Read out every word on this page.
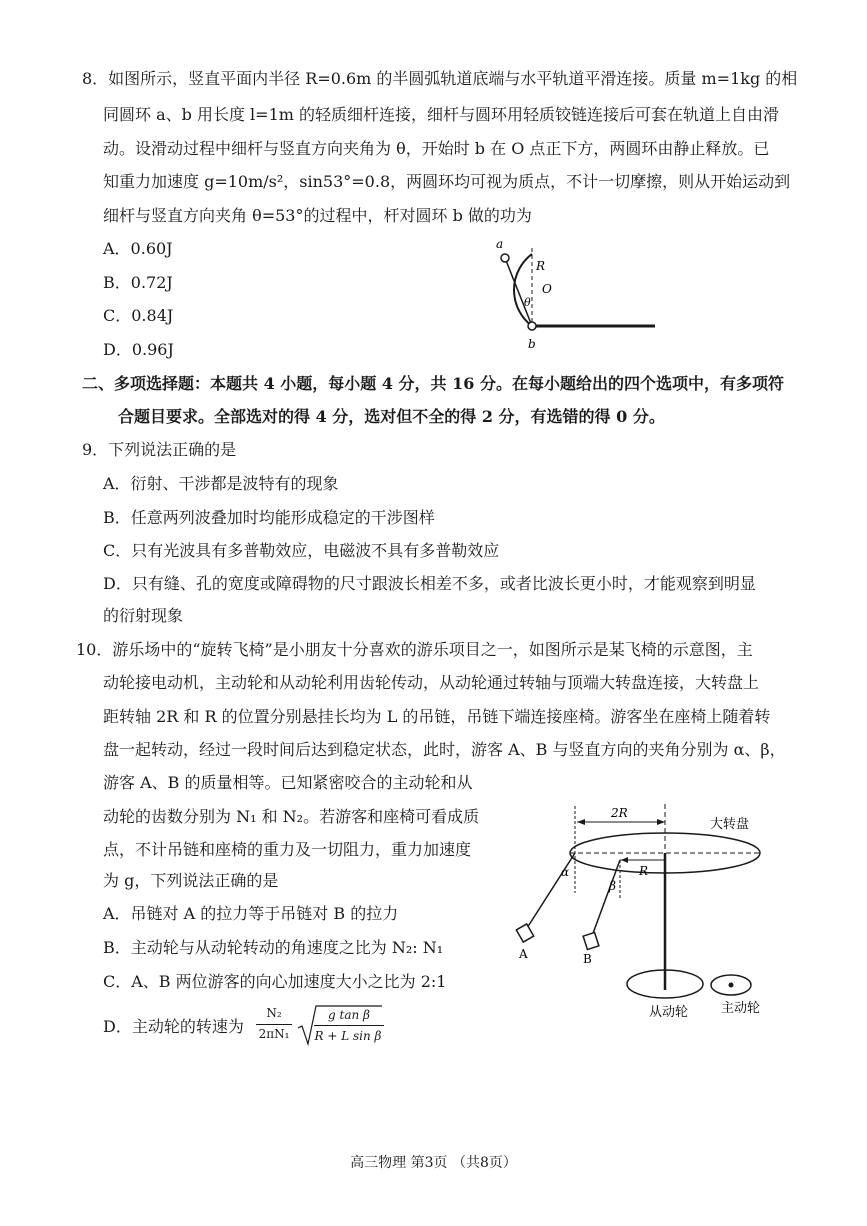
8．如图所示，竖直平面内半径 R=0.6m 的半圆弧轨道底端与水平轨道平滑连接。质量 m=1kg 的相
同圆环 a、b 用长度 l=1m 的轻质细杆连接，细杆与圆环用轻质铰链连接后可套在轨道上自由滑
动。设滑动过程中细杆与竖直方向夹角为 θ，开始时 b 在 O 点正下方，两圆环由静止释放。已
知重力加速度 g=10m/s²，sin53°=0.8，两圆环均可视为质点，不计一切摩擦，则从开始运动到
细杆与竖直方向夹角 θ=53°的过程中，杆对圆环 b 做的功为
A．0.60J
B．0.72J
C．0.84J
D．0.96J
a
b
R
O
θ
二、多项选择题：本题共 4 小题，每小题 4 分，共 16 分。在每小题给出的四个选项中，有多项符
合题目要求。全部选对的得 4 分，选对但不全的得 2 分，有选错的得 0 分。
9．下列说法正确的是
A．衍射、干涉都是波特有的现象
B．任意两列波叠加时均能形成稳定的干涉图样
C．只有光波具有多普勒效应，电磁波不具有多普勒效应
D．只有缝、孔的宽度或障碍物的尺寸跟波长相差不多，或者比波长更小时，才能观察到明显
的衍射现象
10．游乐场中的“旋转飞椅”是小朋友十分喜欢的游乐项目之一，如图所示是某飞椅的示意图，主
动轮接电动机，主动轮和从动轮利用齿轮传动，从动轮通过转轴与顶端大转盘连接，大转盘上
距转轴 2R 和 R 的位置分别悬挂长均为 L 的吊链，吊链下端连接座椅。游客坐在座椅上随着转
盘一起转动，经过一段时间后达到稳定状态，此时，游客 A、B 与竖直方向的夹角分别为 α、β，
游客 A、B 的质量相等。已知紧密咬合的主动轮和从
动轮的齿数分别为 N₁ 和 N₂。若游客和座椅可看成质
点，不计吊链和座椅的重力及一切阻力，重力加速度
为 g，下列说法正确的是
A．吊链对 A 的拉力等于吊链对 B 的拉力
B．主动轮与从动轮转动的角速度之比为 N₂: N₁
C．A、B 两位游客的向心加速度大小之比为 2:1
D．主动轮的转速为
N₂
2πN₁
g tan β
R + L sin β
2R
大转盘
R
α
A
β
B
从动轮	主动轮
高三物理 第3页 （共8页）
